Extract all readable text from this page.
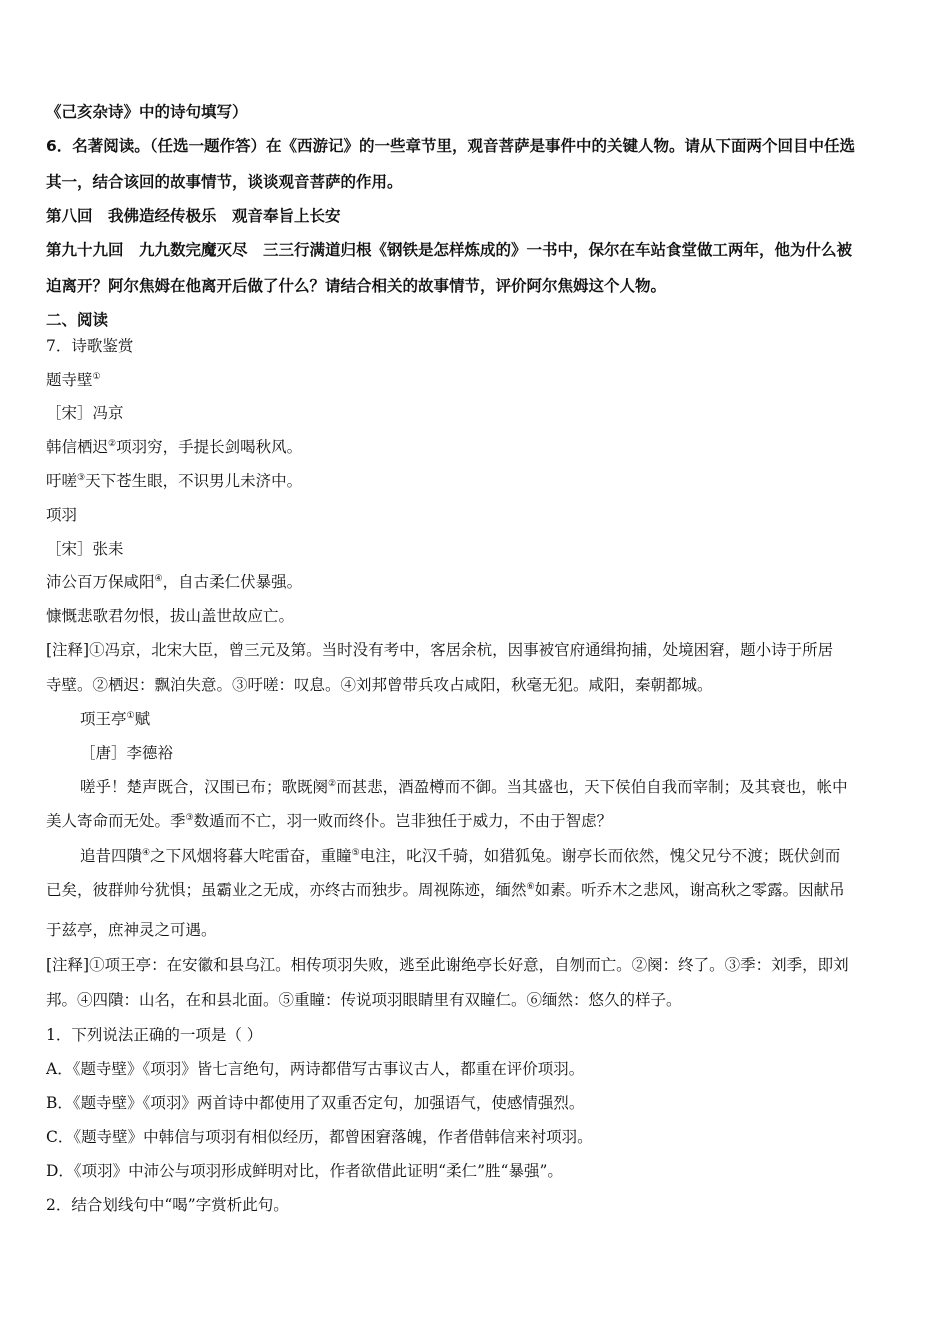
《己亥杂诗》中的诗句填写）
6．名著阅读。（任选一题作答）在《西游记》的一些章节里，观音菩萨是事件中的关键人物。请从下面两个回目中任选
其一，结合该回的故事情节，谈谈观音菩萨的作用。
第八回　我佛造经传极乐　观音奉旨上长安
第九十九回　九九数完魔灭尽　三三行满道归根《钢铁是怎样炼成的》一书中，保尔在车站食堂做工两年，他为什么被
迫离开？阿尔焦姆在他离开后做了什么？请结合相关的故事情节，评价阿尔焦姆这个人物。
二、阅读
7．诗歌鉴赏
题寺壁①
［宋］冯京
韩信栖迟②项羽穷，手提长剑喝秋风。
吁嗟③天下苍生眼，不识男儿未济中。
项羽
［宋］张耒
沛公百万保咸阳④，自古柔仁伏暴强。
慷慨悲歌君勿恨，拔山盖世故应亡。
[注释]①冯京，北宋大臣，曾三元及第。当时没有考中，客居余杭，因事被官府通缉拘捕，处境困窘，题小诗于所居
寺壁。②栖迟：飘泊失意。③吁嗟：叹息。④刘邦曾带兵攻占咸阳，秋毫无犯。咸阳，秦朝都城。
项王亭①赋
［唐］李德裕
嗟乎！楚声既合，汉围已布；歌既阕②而甚悲，酒盈樽而不御。当其盛也，天下侯伯自我而宰制；及其衰也，帐中
美人寄命而无处。季③数遁而不亡，羽一败而终仆。岂非独任于威力，不由于智虑？
追昔四隤④之下风烟将暮大咤雷奋，重瞳⑤电注，叱汉千骑，如猎狐兔。谢亭长而依然，愧父兄兮不渡；既伏剑而
已矣，彼群帅兮犹惧；虽霸业之无成，亦终古而独步。周视陈迹，缅然⑥如素。听乔木之悲风，谢高秋之零露。因献吊
于兹亭，庶神灵之可遇。
[注释]①项王亭：在安徽和县乌江。相传项羽失败，逃至此谢绝亭长好意，自刎而亡。②阕：终了。③季：刘季，即刘
邦。④四隤：山名，在和县北面。⑤重瞳：传说项羽眼睛里有双瞳仁。⑥缅然：悠久的样子。
1．下列说法正确的一项是（ ）
A．《题寺壁》《项羽》皆七言绝句，两诗都借写古事议古人，都重在评价项羽。
B．《题寺壁》《项羽》两首诗中都使用了双重否定句，加强语气，使感情强烈。
C．《题寺壁》中韩信与项羽有相似经历，都曾困窘落魄，作者借韩信来衬项羽。
D．《项羽》中沛公与项羽形成鲜明对比，作者欲借此证明“柔仁”胜“暴强”。
2．结合划线句中“喝”字赏析此句。
